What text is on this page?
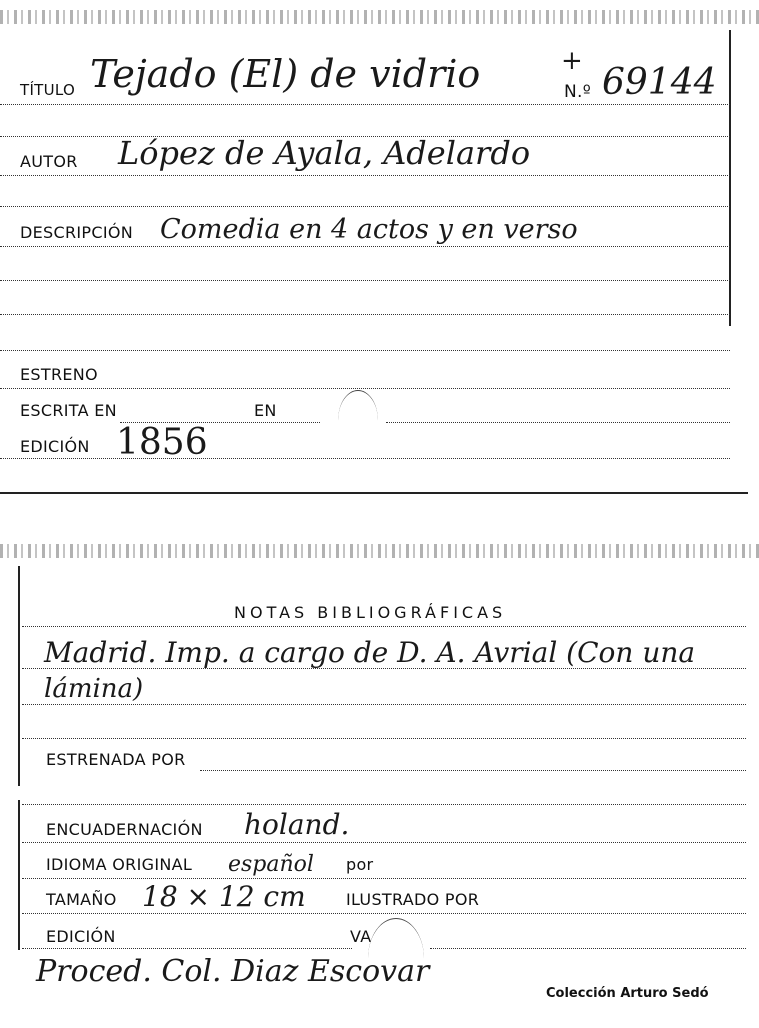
TÍTULO Tejado (El) de vidrio	+
N.º 69144
AUTOR López de Ayala, Adelardo
DESCRIPCIÓN Comedia en 4 actos y en verso
ESTRENO
ESCRITA EN	EN
EDICIÓN 1856
NOTAS BIBLIOGRÁFICAS
Madrid. Imp. a cargo de D. A. Avrial (Con una
lámina)
ESTRENADA POR
ENCUADERNACIÓN holand.
IDIOMA ORIGINAL español por
TAMAÑO 18 × 12 cm	ILUSTRADO POR
EDICIÓN	VA
Proced. Col. Diaz Escovar
Colección Arturo Sedó
